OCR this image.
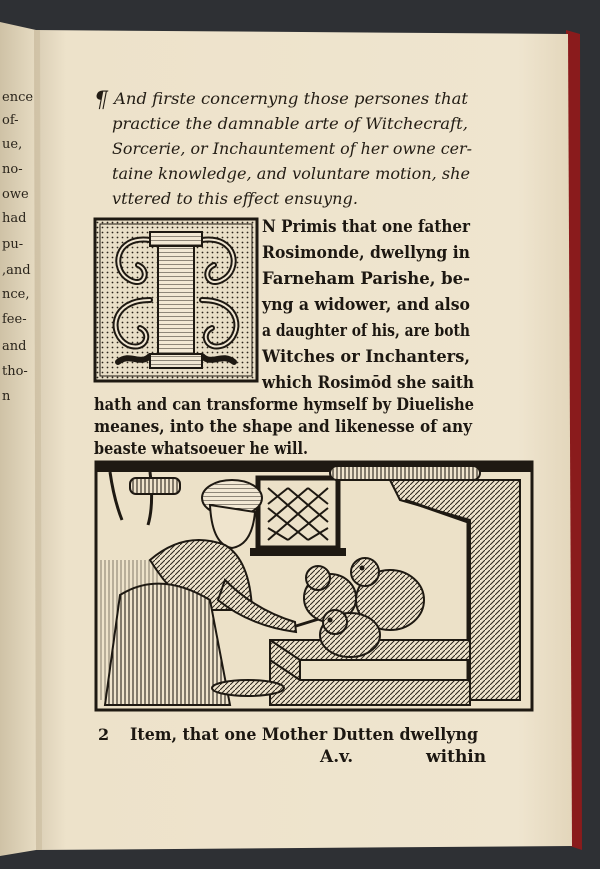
ence
of-
ue,
no-
owe
had
pu-
,and
nce,
fee-
and
tho-
n
¶ And firste concernyng those persones that
practice the damnable arte of Witchecraft,
Sorcerie, or Inchauntement of her owne cer-
taine knowledge, and voluntare motion, she
vttered to this effect ensuyng.
N Primis that one father
Rosimonde, dwellyng in
Farneham Parishe, be-
yng a widower, and also
a daughter of his, are both
Witches or Inchanters,
which Rosimōd she saith
hath and can transforme hymself by Diuelishe
meanes, into the shape and likenesse of any
beaste whatsoeuer he will.
2 Item, that one Mother Dutten dwellyng
A.v.	within
